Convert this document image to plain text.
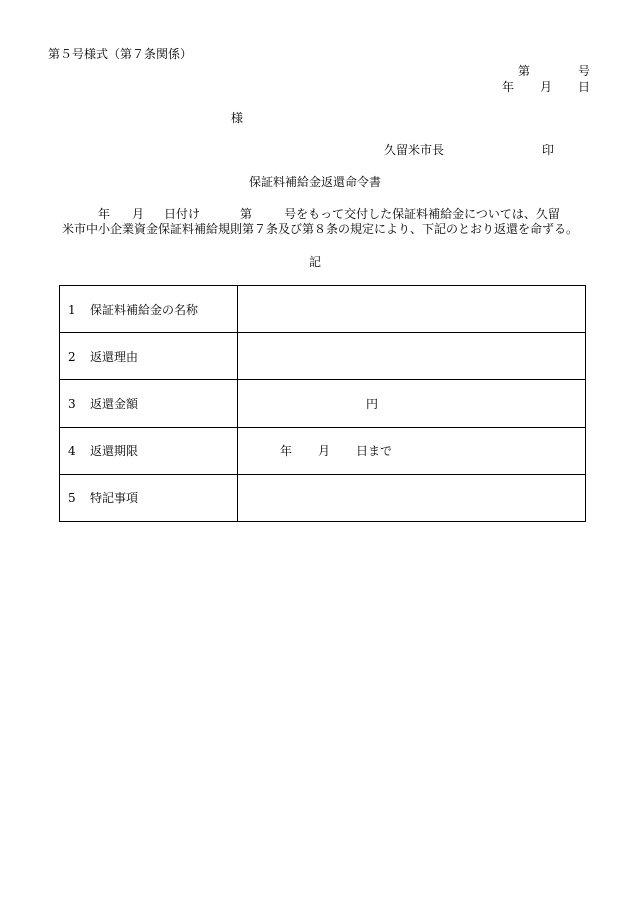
第５号様式（第７条関係）
第	号
年 月 日
様
久留米市長	印
保証料補給金返還命令書
年 月 日付け	第	号をもって交付した保証料補給金については、久留
米市中小企業資金保証料補給規則第７条及び第８条の規定により、下記のとおり返還を命ずる。
記
1 保証料補給金の名称	
2 返還理由	
3 返還金額	円
4 返還期限	年 月 日まで
5 特記事項	
